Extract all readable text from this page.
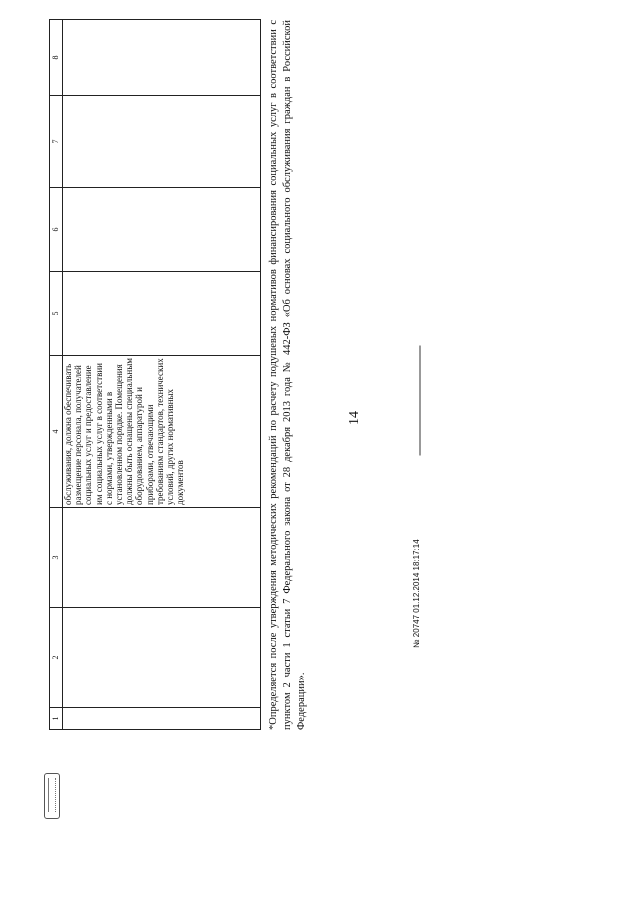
14
1	2	3	4	5	6	7	8
			обслуживания, должна обеспечивать размещение персонала, получателей социальных услуг и предоставление им социальных услуг в соответствии с нормами, утвержденными в установленном порядке. Помещения должны быть оснащены специальным оборудованием, аппаратурой и приборами, отвечающими требованиям стандартов, технических условий, других нормативных документов					*Определяется после утверждения методических рекомендаций по расчету подушевых нормативов финансирования социальных услуг в соответствии с пунктом 2 части 1 статьи 7 Федерального закона от 28 декабря 2013 года № 442-ФЗ «Об основах социального обслуживания граждан в Российской Федерации».
№ 20747 01.12.2014 18:17:14
